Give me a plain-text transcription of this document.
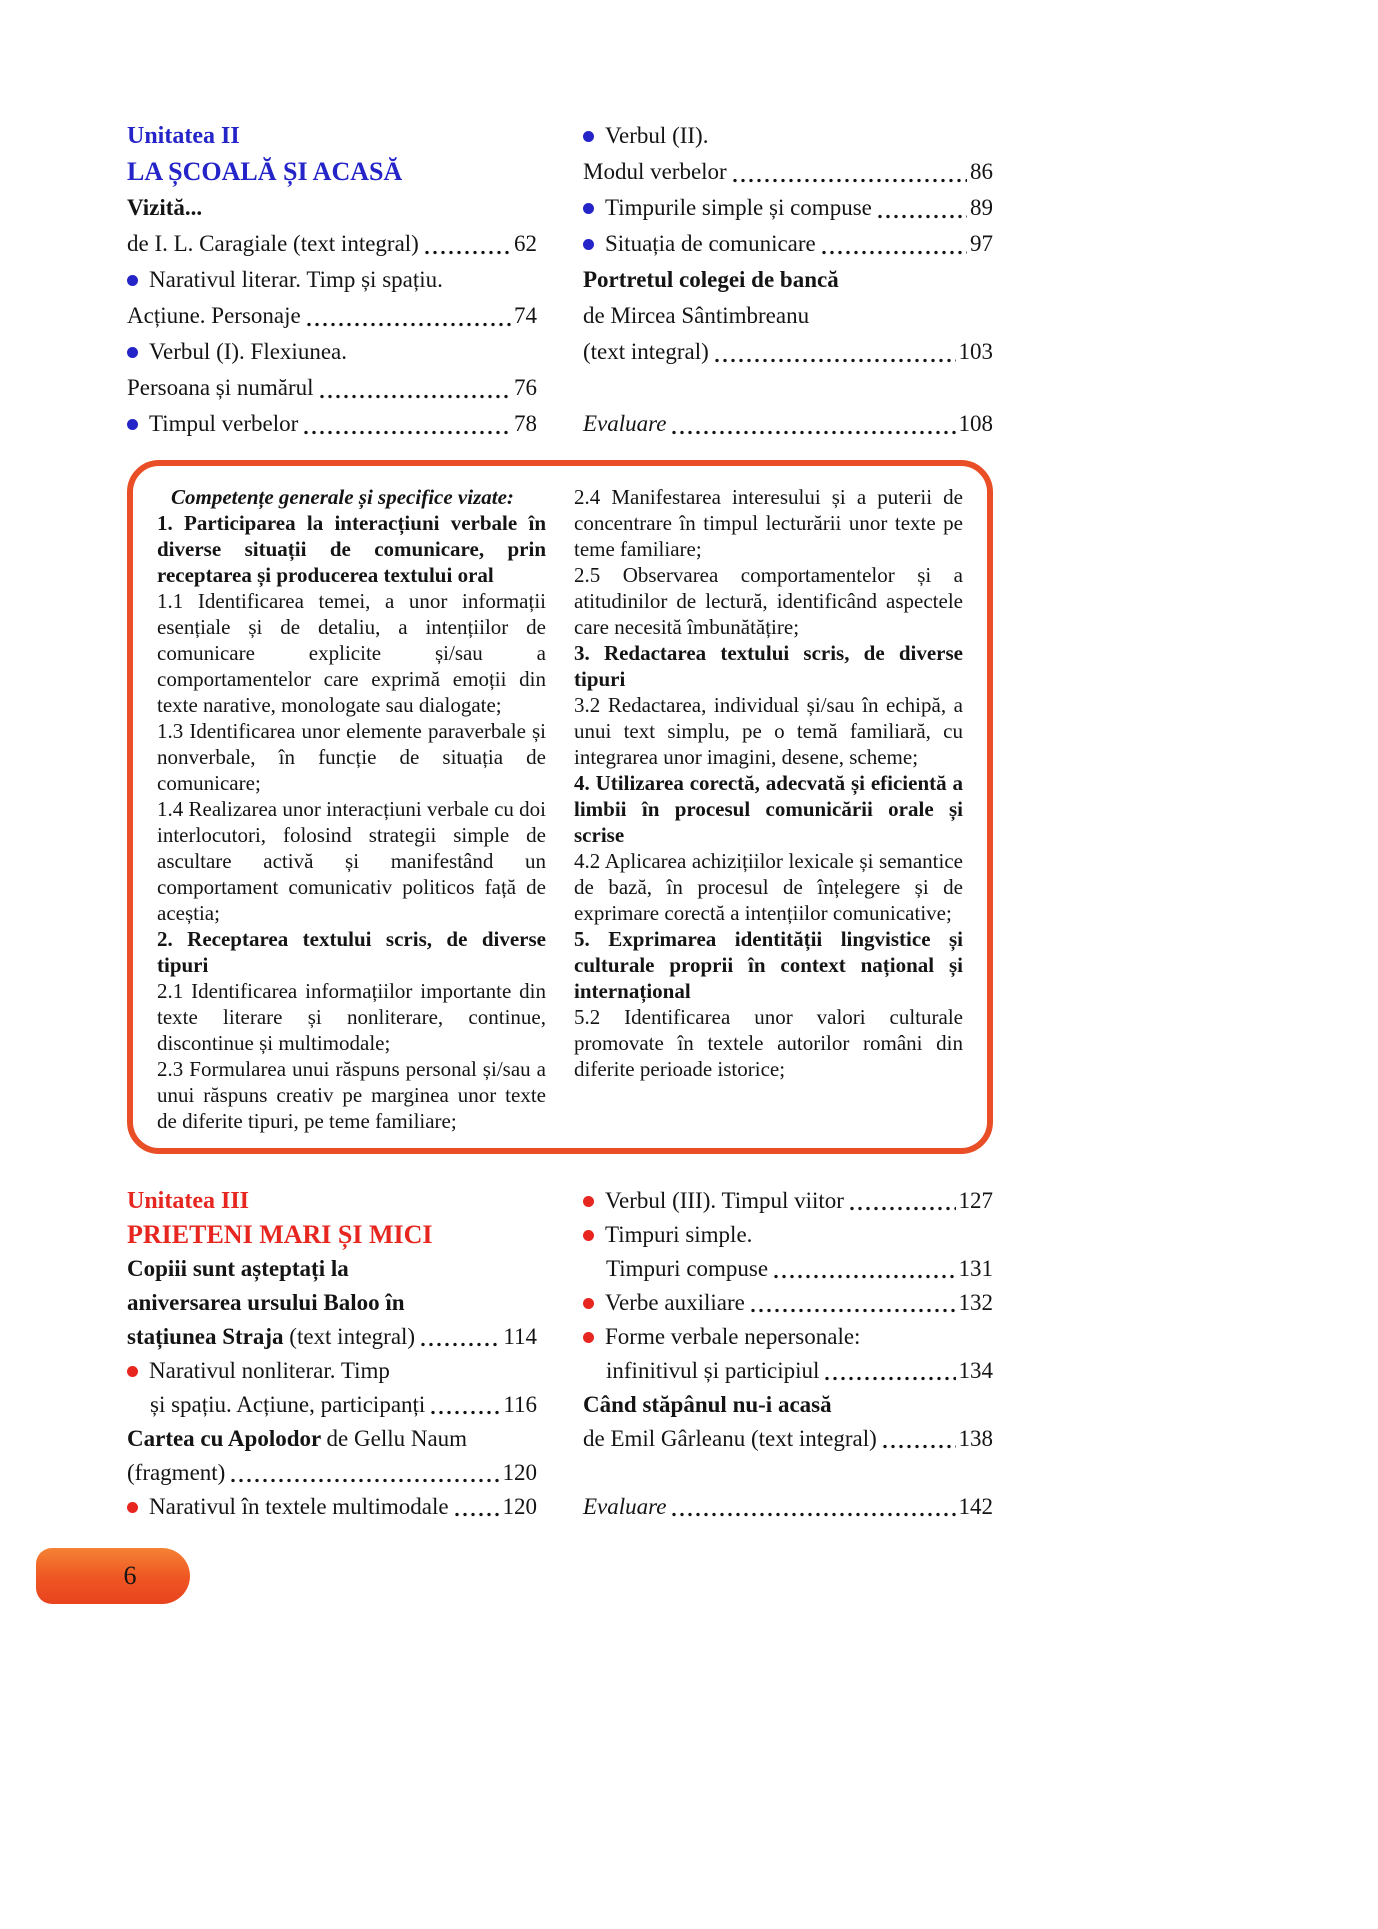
Unitatea II
LA ȘCOALĂ ȘI ACASĂ
Vizită...
de I. L. Caragiale (text integral)	62
Narativul literar. Timp și spațiu.
Acțiune. Personaje	74
Verbul (I). Flexiunea.
Persoana și numărul	76
Timpul verbelor	78
Verbul (II).
Modul verbelor	86
Timpurile simple și compuse	89
Situația de comunicare	97
Portretul colegei de bancă
de Mircea Sântimbreanu
(text integral)	103
Evaluare	108

Competențe generale și specifice vizate:

1. Participarea la interacțiuni verbale în diverse situații de comunicare, prin receptarea și producerea textului oral

1.1 Identificarea temei, a unor informații esențiale și de detaliu, a intențiilor de comunicare explicite și/sau a comportamentelor care exprimă emoții din texte narative, monologate sau dialogate;

1.3 Identificarea unor elemente paraverbale și nonverbale, în funcție de situația de comunicare;

1.4 Realizarea unor interacțiuni verbale cu doi interlocutori, folosind strategii simple de ascultare activă și manifestând un comportament comunicativ politicos față de aceștia;

2. Receptarea textului scris, de diverse tipuri

2.1 Identificarea informațiilor importante din texte literare și nonliterare, continue, discontinue și multimodale;

2.3 Formularea unui răspuns personal și/sau a unui răspuns creativ pe marginea unor texte de diferite tipuri, pe teme familiare;

2.4 Manifestarea interesului și a puterii de concentrare în timpul lecturării unor texte pe teme familiare;

2.5 Observarea comportamentelor și a atitudinilor de lectură, identificând aspectele care necesită îmbunătățire;

3. Redactarea textului scris, de diverse tipuri

3.2 Redactarea, individual și/sau în echipă, a unui text simplu, pe o temă familiară, cu integrarea unor imagini, desene, scheme;

4. Utilizarea corectă, adecvată și eficientă a limbii în procesul comunicării orale și scrise

4.2 Aplicarea achizițiilor lexicale și semantice de bază, în procesul de înțelegere și de exprimare corectă a intențiilor comunicative;

5. Exprimarea identității lingvistice și culturale proprii în context național și internațional

5.2 Identificarea unor valori culturale promovate în textele autorilor români din diferite perioade istorice;

Unitatea III
PRIETENI MARI ȘI MICI
Copiii sunt așteptați la
aniversarea ursului Baloo în
stațiunea Straja (text integral)	114
Narativul nonliterar. Timp
și spațiu. Acțiune, participanți	116
Cartea cu Apolodor de Gellu Naum
(fragment)	120
Narativul în textele multimodale 120
Verbul (III). Timpul viitor	127
Timpuri simple.
Timpuri compuse	131
Verbe auxiliare	132
Forme verbale nepersonale:
infinitivul și participiul	134
Când stăpânul nu-i acasă
de Emil Gârleanu (text integral)	138
Evaluare	142
6
